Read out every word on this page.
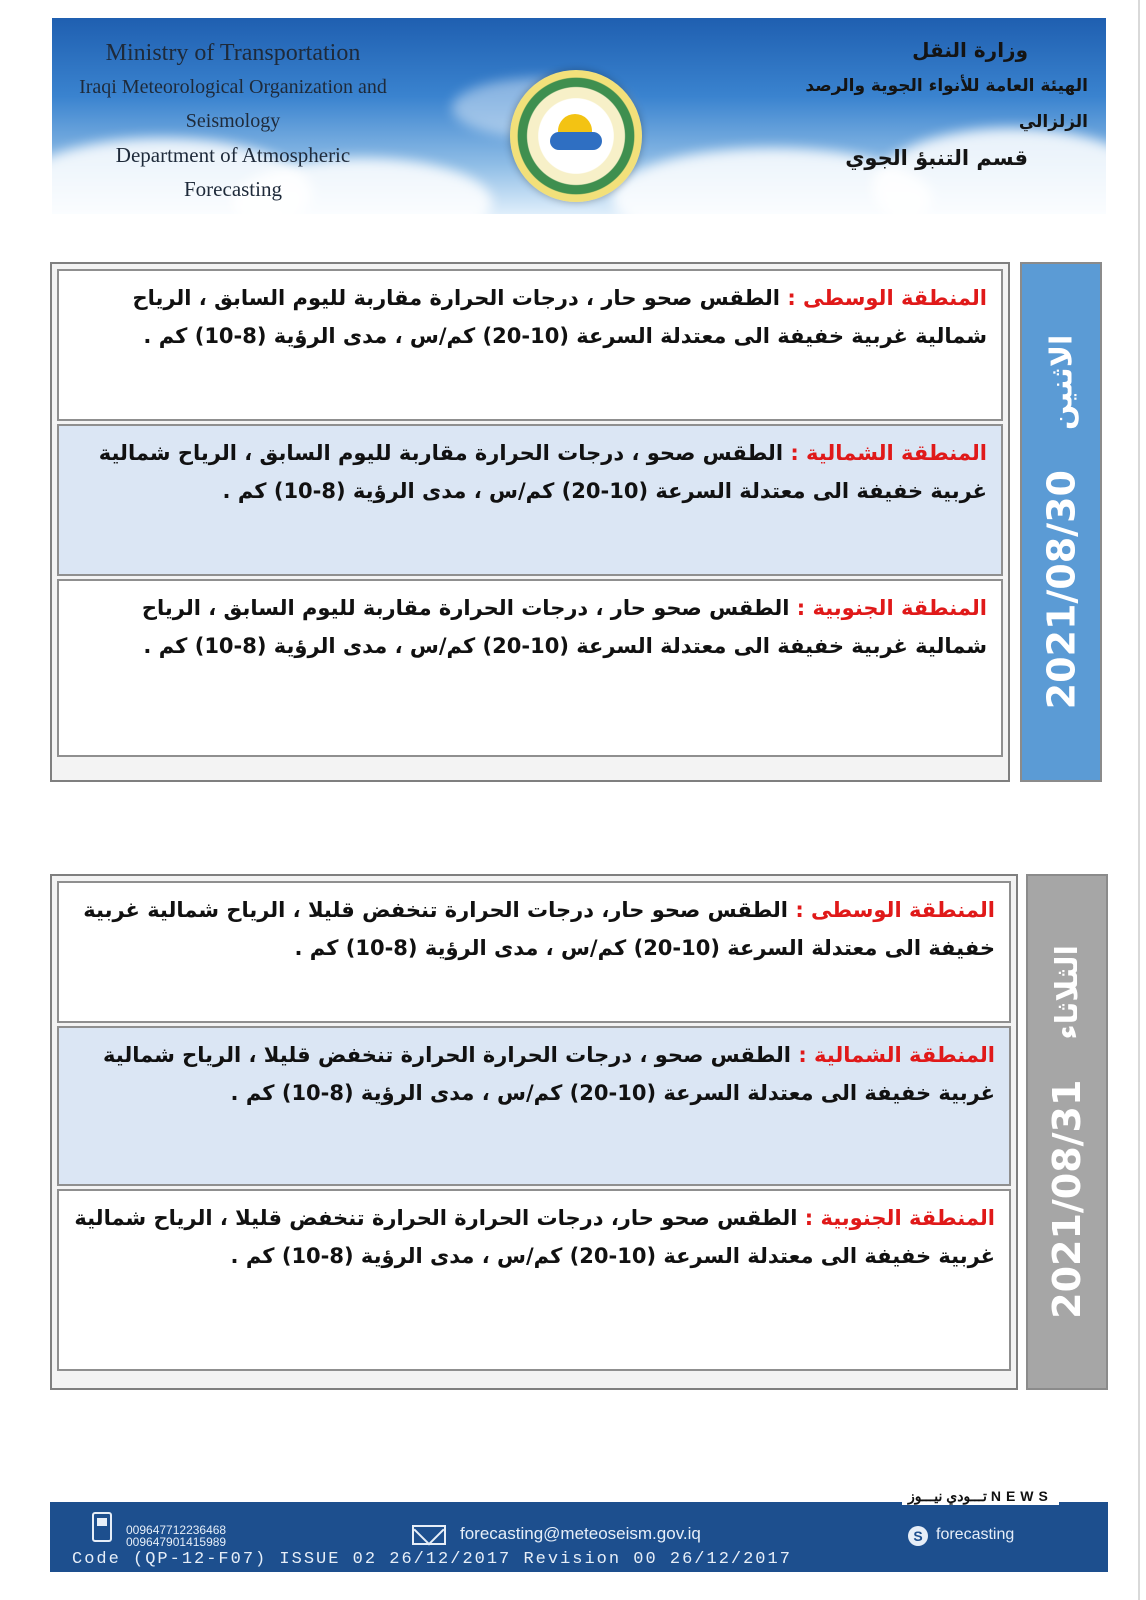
Ministry of Transportation
Iraqi Meteorological Organization and Seismology
Department of Atmospheric Forecasting
وزارة النقل
الهيئة العامة للأنواء الجوية والرصد الزلزالي
قسم التنبؤ الجوي
المنطقة الوسطى : الطقس صحو حار ، درجات الحرارة مقاربة لليوم السابق ، الرياح شمالية غربية خفيفة الى معتدلة السرعة (10-20) كم/س ، مدى الرؤية (8-10) كم .
المنطقة الشمالية : الطقس صحو ، درجات الحرارة مقاربة لليوم السابق ، الرياح شمالية غربية خفيفة الى معتدلة السرعة (10-20) كم/س ، مدى الرؤية (8-10) كم .
المنطقة الجنوبية : الطقس صحو حار ، درجات الحرارة مقاربة لليوم السابق ، الرياح شمالية غربية خفيفة الى معتدلة السرعة (10-20) كم/س ، مدى الرؤية (8-10) كم .	2021/08/30
الاثنين
المنطقة الوسطى : الطقس صحو حار، درجات الحرارة تنخفض قليلا ، الرياح شمالية غربية خفيفة الى معتدلة السرعة (10-20) كم/س ، مدى الرؤية (8-10) كم .
المنطقة الشمالية : الطقس صحو ، درجات الحرارة الحرارة تنخفض قليلا ، الرياح شمالية غربية خفيفة الى معتدلة السرعة (10-20) كم/س ، مدى الرؤية (8-10) كم .
المنطقة الجنوبية : الطقس صحو حار، درجات الحرارة الحرارة تنخفض قليلا ، الرياح شمالية غربية خفيفة الى معتدلة السرعة (10-20) كم/س ، مدى الرؤية (8-10) كم .	2021/08/31
الثلاثاء
009647712236468
009647901415989	forecasting@meteoseism.gov.iq	S forecasting
Code (QP-12-F07) ISSUE 02 26/12/2017 Revision 00 26/12/2017
تـــودي نيـــوز NEWS
